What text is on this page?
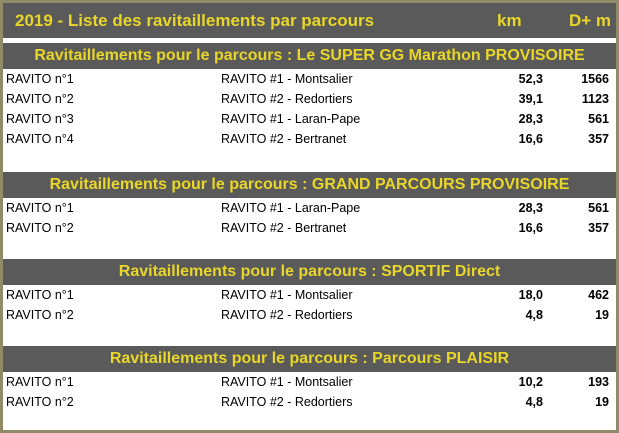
2019 - Liste des ravitaillements par parcours	km	D+ m
Ravitaillements pour le parcours : Le SUPER GG Marathon PROVISOIRE
RAVITO n°1	RAVITO #1 - Montsalier	52,3	1566
RAVITO n°2	RAVITO #2 - Redortiers	39,1	1123
RAVITO n°3	RAVITO #1 - Laran-Pape	28,3	561
RAVITO n°4	RAVITO #2 - Bertranet	16,6	357
Ravitaillements pour le parcours : GRAND PARCOURS PROVISOIRE
RAVITO n°1	RAVITO #1 - Laran-Pape	28,3	561
RAVITO n°2	RAVITO #2 - Bertranet	16,6	357
Ravitaillements pour le parcours : SPORTIF Direct
RAVITO n°1	RAVITO #1 - Montsalier	18,0	462
RAVITO n°2	RAVITO #2 - Redortiers	4,8	19
Ravitaillements pour le parcours : Parcours PLAISIR
RAVITO n°1	RAVITO #1 - Montsalier	10,2	193
RAVITO n°2	RAVITO #2 - Redortiers	4,8	19
